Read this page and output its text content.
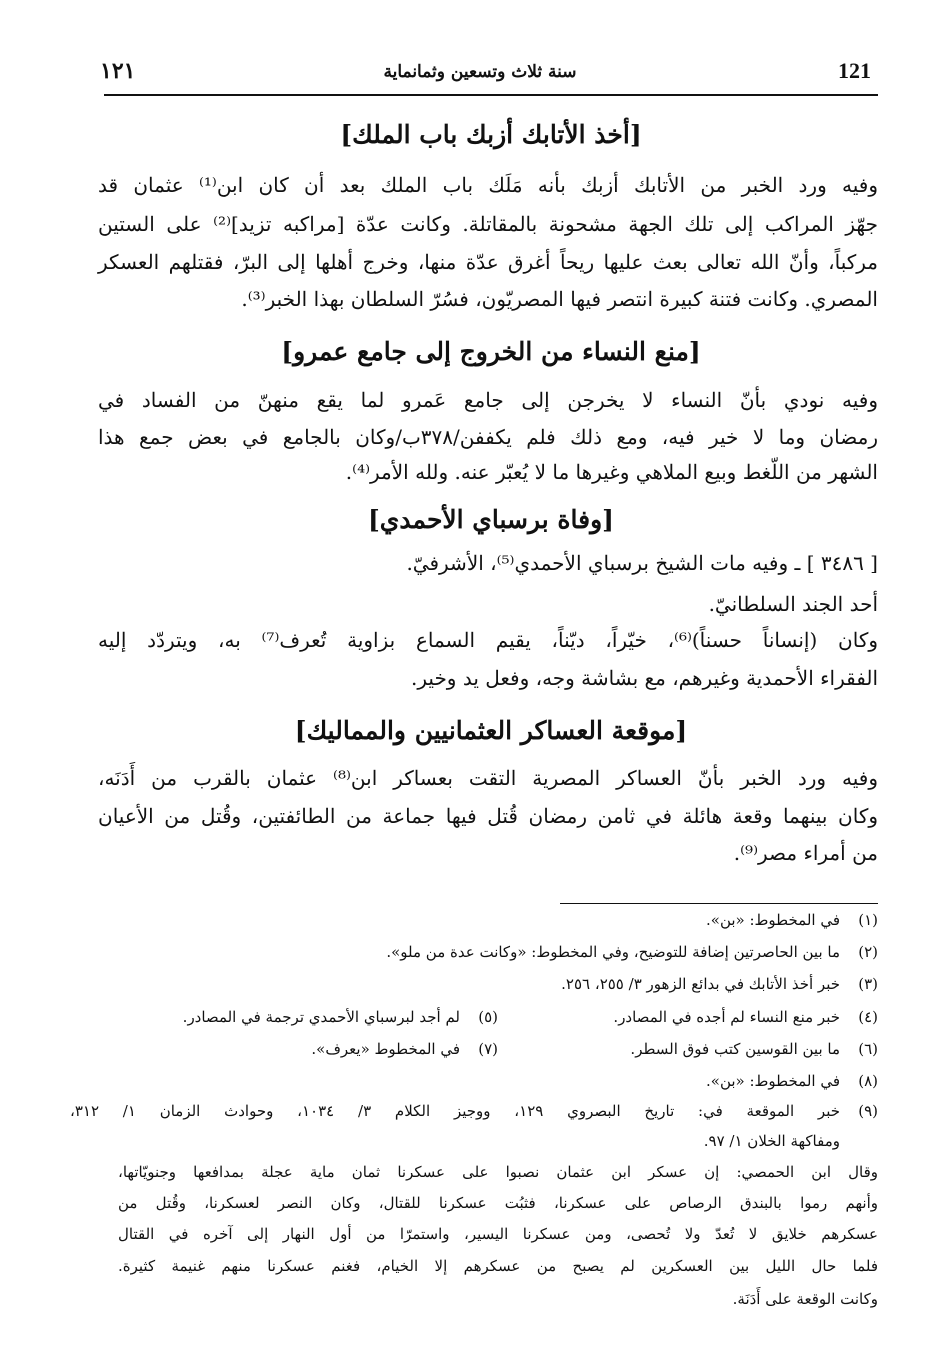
121
سنة ثلاث وتسعين وثمانماية
١٢١
[أخذ الأتابك أزبك باب الملك]
وفيه ورد الخبر من الأتابك أزبك بأنه مَلَك باب الملك بعد أن كان ابن⁽¹⁾ عثمان قد
جهّز المراكب إلى تلك الجهة مشحونة بالمقاتلة. وكانت عدّة [مراكبه تزيد]⁽²⁾ على الستين
مركباً، وأنّ الله تعالى بعث عليها ريحاً أغرق عدّة منها، وخرج أهلها إلى البرّ، فقتلهم العسكر
المصري. وكانت فتنة كبيرة انتصر فيها المصريّون، فسُرّ السلطان بهذا الخبر⁽³⁾.
[منع النساء من الخروج إلى جامع عمرو]
وفيه نودي بأنّ النساء لا يخرجن إلى جامع عَمرو لما يقع منهنّ من الفساد في
رمضان وما لا خير فيه، ومع ذلك فلم يكففن/٣٧٨ب/وكان بالجامع في بعض جمع هذا
الشهر من اللّغط وبيع الملاهي وغيرها ما لا يُعبّر عنه. ولله الأمر⁽⁴⁾.
[وفاة برسباي الأحمدي]
[ ٣٤٨٦ ] ـ وفيه مات الشيخ برسباي الأحمدي⁽⁵⁾، الأشرفيّ.
أحد الجند السلطانيّ.
وكان (إنساناً حسناً)⁽⁶⁾، خيّراً، ديّناً، يقيم السماع بزاوية تُعرف⁽⁷⁾ به، ويتردّد إليه
الفقراء الأحمدية وغيرهم، مع بشاشة وجه، وفعل يد وخير.
[موقعة العساكر العثمانيين والمماليك]
وفيه ورد الخبر بأنّ العساكر المصرية التقت بعساكر ابن⁽⁸⁾ عثمان بالقرب من أَدَنَه،
وكان بينهما وقعة هائلة في ثامن رمضان قُتل فيها جماعة من الطائفتين، وقُتل من الأعيان
من أمراء مصر⁽⁹⁾.
(١)في المخطوط: «بن».
(٢)ما بين الحاصرتين إضافة للتوضيح، وفي المخطوط: «وكانت عدة من ملو».
(٣)خبر أخذ الأتابك في بدائع الزهور ٣/ ٢٥٥، ٢٥٦.
(٤)خبر منع النساء لم أجده في المصادر.
(٥)لم أجد لبرسباي الأحمدي ترجمة في المصادر.
(٦)ما بين القوسين كتب فوق السطر.
(٧)في المخطوط «يعرف».
(٨)في المخطوط: «بن».
(٩)خبر الموقعة في: تاريخ البصروي ١٢٩، ووجيز الكلام ٣/ ١٠٣٤، وحوادث الزمان ١/ ٣١٢،
ومفاكهة الخلان ١/ ٩٧.
وقال ابن الحمصي: إن عسكر ابن عثمان نصبوا على عسكرنا ثمان ماية عجلة بمدافعها وجنويّاتها،
وأنهم رموا بالبندق الرصاص على عسكرنا، فثبُت عسكرنا للقتال، وكان النصر لعسكرنا، وقُتل من
عسكرهم خلايق لا تُعدّ ولا تُحصى، ومن عسكرنا اليسير، واستمرّا من أول النهار إلى آخره في القتال
فلما حال الليل بين العسكرين لم يصبح من عسكرهم إلا الخيام، فغنم عسكرنا منهم غنيمة كثيرة.
وكانت الوقعة على أَدَنَة.
